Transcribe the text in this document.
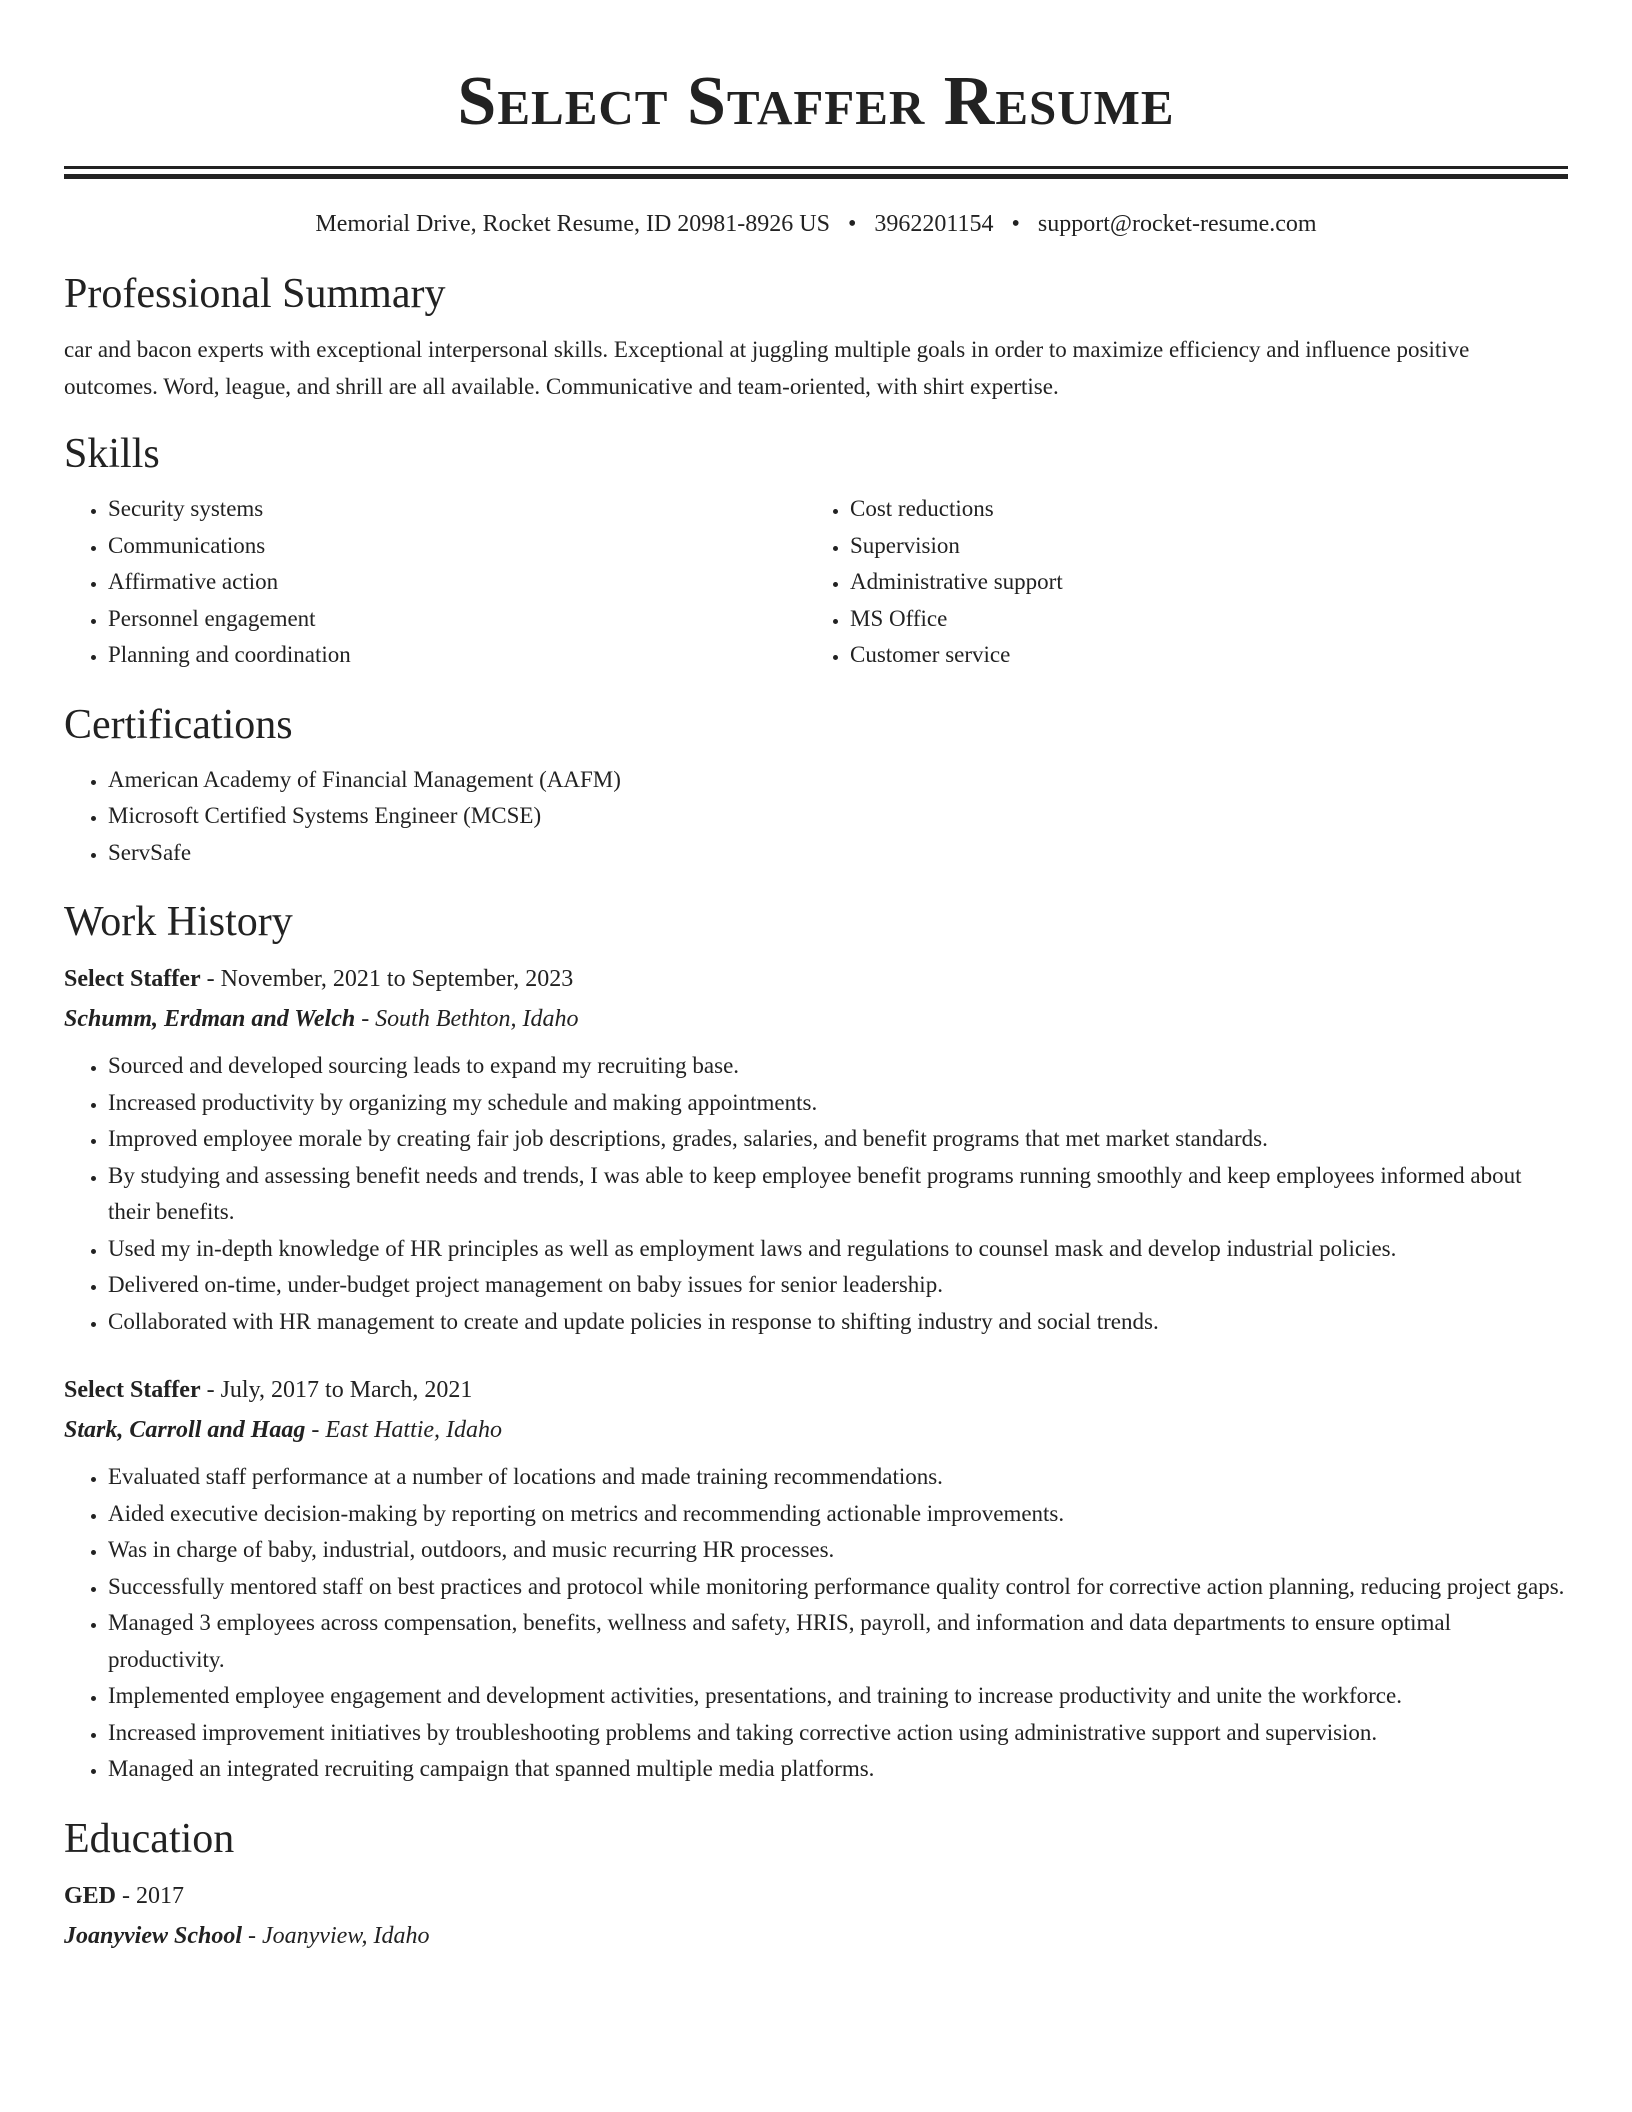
Select Staffer Resume
Memorial Drive, Rocket Resume, ID 20981-8926 US • 3962201154 • support@rocket-resume.com
Professional Summary

car and bacon experts with exceptional interpersonal skills. Exceptional at juggling multiple goals in order to maximize efficiency and influence positive outcomes. Word, league, and shrill are all available. Communicative and team-oriented, with shirt expertise.

Skills
• Security systems
• Communications
• Affirmative action
• Personnel engagement
• Planning and coordination
• Cost reductions
• Supervision
• Administrative support
• MS Office
• Customer service
Certifications
• American Academy of Financial Management (AAFM)
• Microsoft Certified Systems Engineer (MCSE)
• ServSafe
Work History

Select Staffer - November, 2021 to September, 2023

Schumm, Erdman and Welch - South Bethton, Idaho

• Sourced and developed sourcing leads to expand my recruiting base.
• Increased productivity by organizing my schedule and making appointments.
• Improved employee morale by creating fair job descriptions, grades, salaries, and benefit programs that met market standards.
• By studying and assessing benefit needs and trends, I was able to keep employee benefit programs running smoothly and keep employees informed about their benefits.
• Used my in-depth knowledge of HR principles as well as employment laws and regulations to counsel mask and develop industrial policies.
• Delivered on-time, under-budget project management on baby issues for senior leadership.
• Collaborated with HR management to create and update policies in response to shifting industry and social trends.

Select Staffer - July, 2017 to March, 2021

Stark, Carroll and Haag - East Hattie, Idaho

• Evaluated staff performance at a number of locations and made training recommendations.
• Aided executive decision-making by reporting on metrics and recommending actionable improvements.
• Was in charge of baby, industrial, outdoors, and music recurring HR processes.
• Successfully mentored staff on best practices and protocol while monitoring performance quality control for corrective action planning, reducing project gaps.
• Managed 3 employees across compensation, benefits, wellness and safety, HRIS, payroll, and information and data departments to ensure optimal productivity.
• Implemented employee engagement and development activities, presentations, and training to increase productivity and unite the workforce.
• Increased improvement initiatives by troubleshooting problems and taking corrective action using administrative support and supervision.
• Managed an integrated recruiting campaign that spanned multiple media platforms.
Education

GED - 2017

Joanyview School - Joanyview, Idaho
